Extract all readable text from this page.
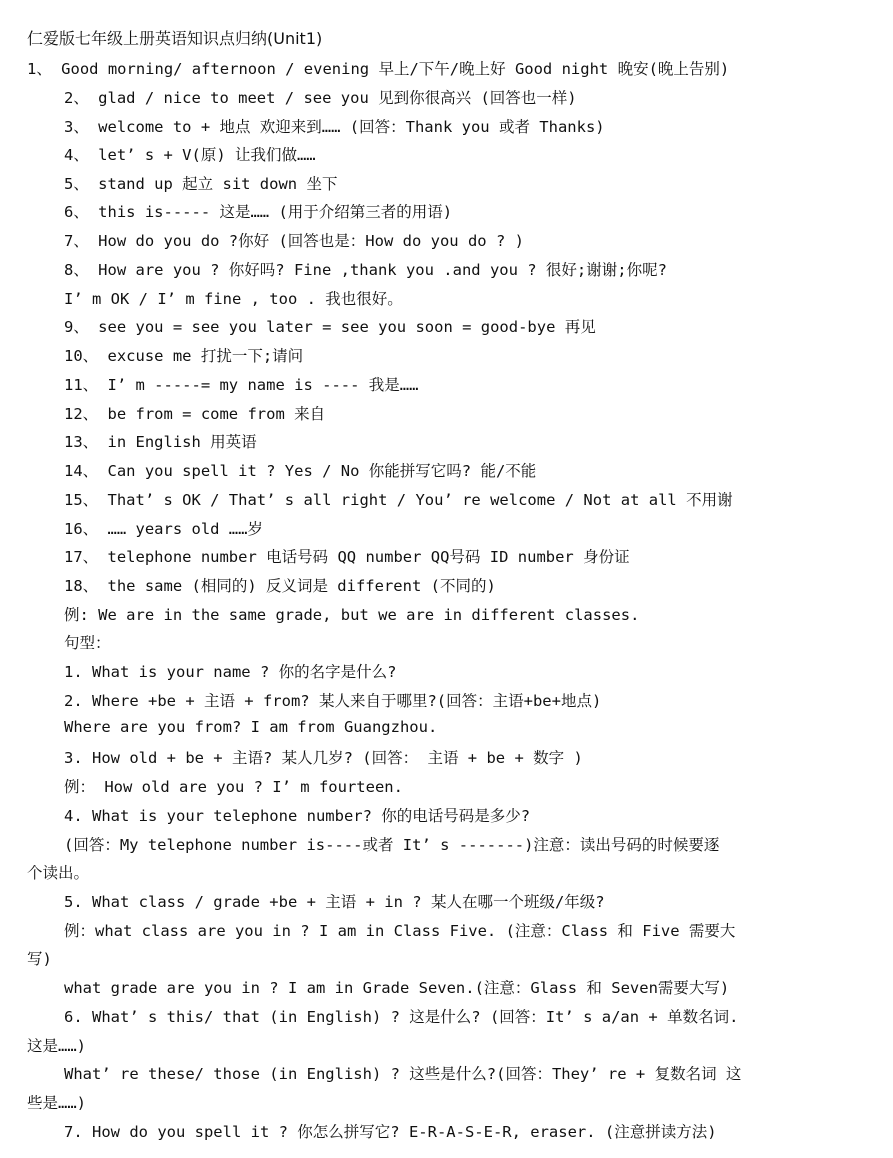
仁爱版七年级上册英语知识点归纳(Unit1)
1、 Good morning/ afternoon / evening 早上/下午/晚上好 Good night 晚安(晚上告别)
2、 glad / nice to meet / see you 见到你很高兴 (回答也一样)
3、 welcome to + 地点 欢迎来到…… (回答：Thank you 或者 Thanks)
4、 let’ s + V(原) 让我们做……
5、 stand up 起立 sit down 坐下
6、 this is----- 这是…… (用于介绍第三者的用语)
7、 How do you do ?你好 (回答也是：How do you do ? )
8、 How are you ? 你好吗? Fine ,thank you .and you ? 很好;谢谢;你呢?
I’ m OK / I’ m fine , too . 我也很好。
9、 see you = see you later = see you soon = good-bye 再见
10、 excuse me 打扰一下;请问
11、 I’ m -----= my name is ---- 我是……
12、 be from = come from 来自
13、 in English 用英语
14、 Can you spell it ? Yes / No 你能拼写它吗? 能/不能
15、 That’ s OK / That’ s all right / You’ re welcome / Not at all 不用谢
16、 …… years old ……岁
17、 telephone number 电话号码 QQ number QQ号码 ID number 身份证
18、 the same (相同的) 反义词是 different (不同的)
例: We are in the same grade, but we are in different classes.
句型：
1. What is your name ? 你的名字是什么?
2. Where +be + 主语 + from? 某人来自于哪里?(回答：主语+be+地点)
Where are you from? I am from Guangzhou.
3. How old + be + 主语? 某人几岁? (回答： 主语 + be + 数字 )
例： How old are you ? I’ m fourteen.
4. What is your telephone number? 你的电话号码是多少?
(回答：My telephone number is----或者 It’ s -------)注意：读出号码的时候要逐
个读出。
5. What class / grade +be + 主语 + in ? 某人在哪一个班级/年级?
例：what class are you in ? I am in Class Five. (注意：Class 和 Five 需要大
写)
what grade are you in ? I am in Grade Seven.(注意：Glass 和 Seven需要大写)
6. What’ s this/ that (in English) ? 这是什么? (回答：It’ s a/an + 单数名词.
这是……)
What’ re these/ those (in English) ? 这些是什么?(回答：They’ re + 复数名词 这
些是……)
7. How do you spell it ? 你怎么拼写它? E-R-A-S-E-R, eraser. (注意拼读方法)
